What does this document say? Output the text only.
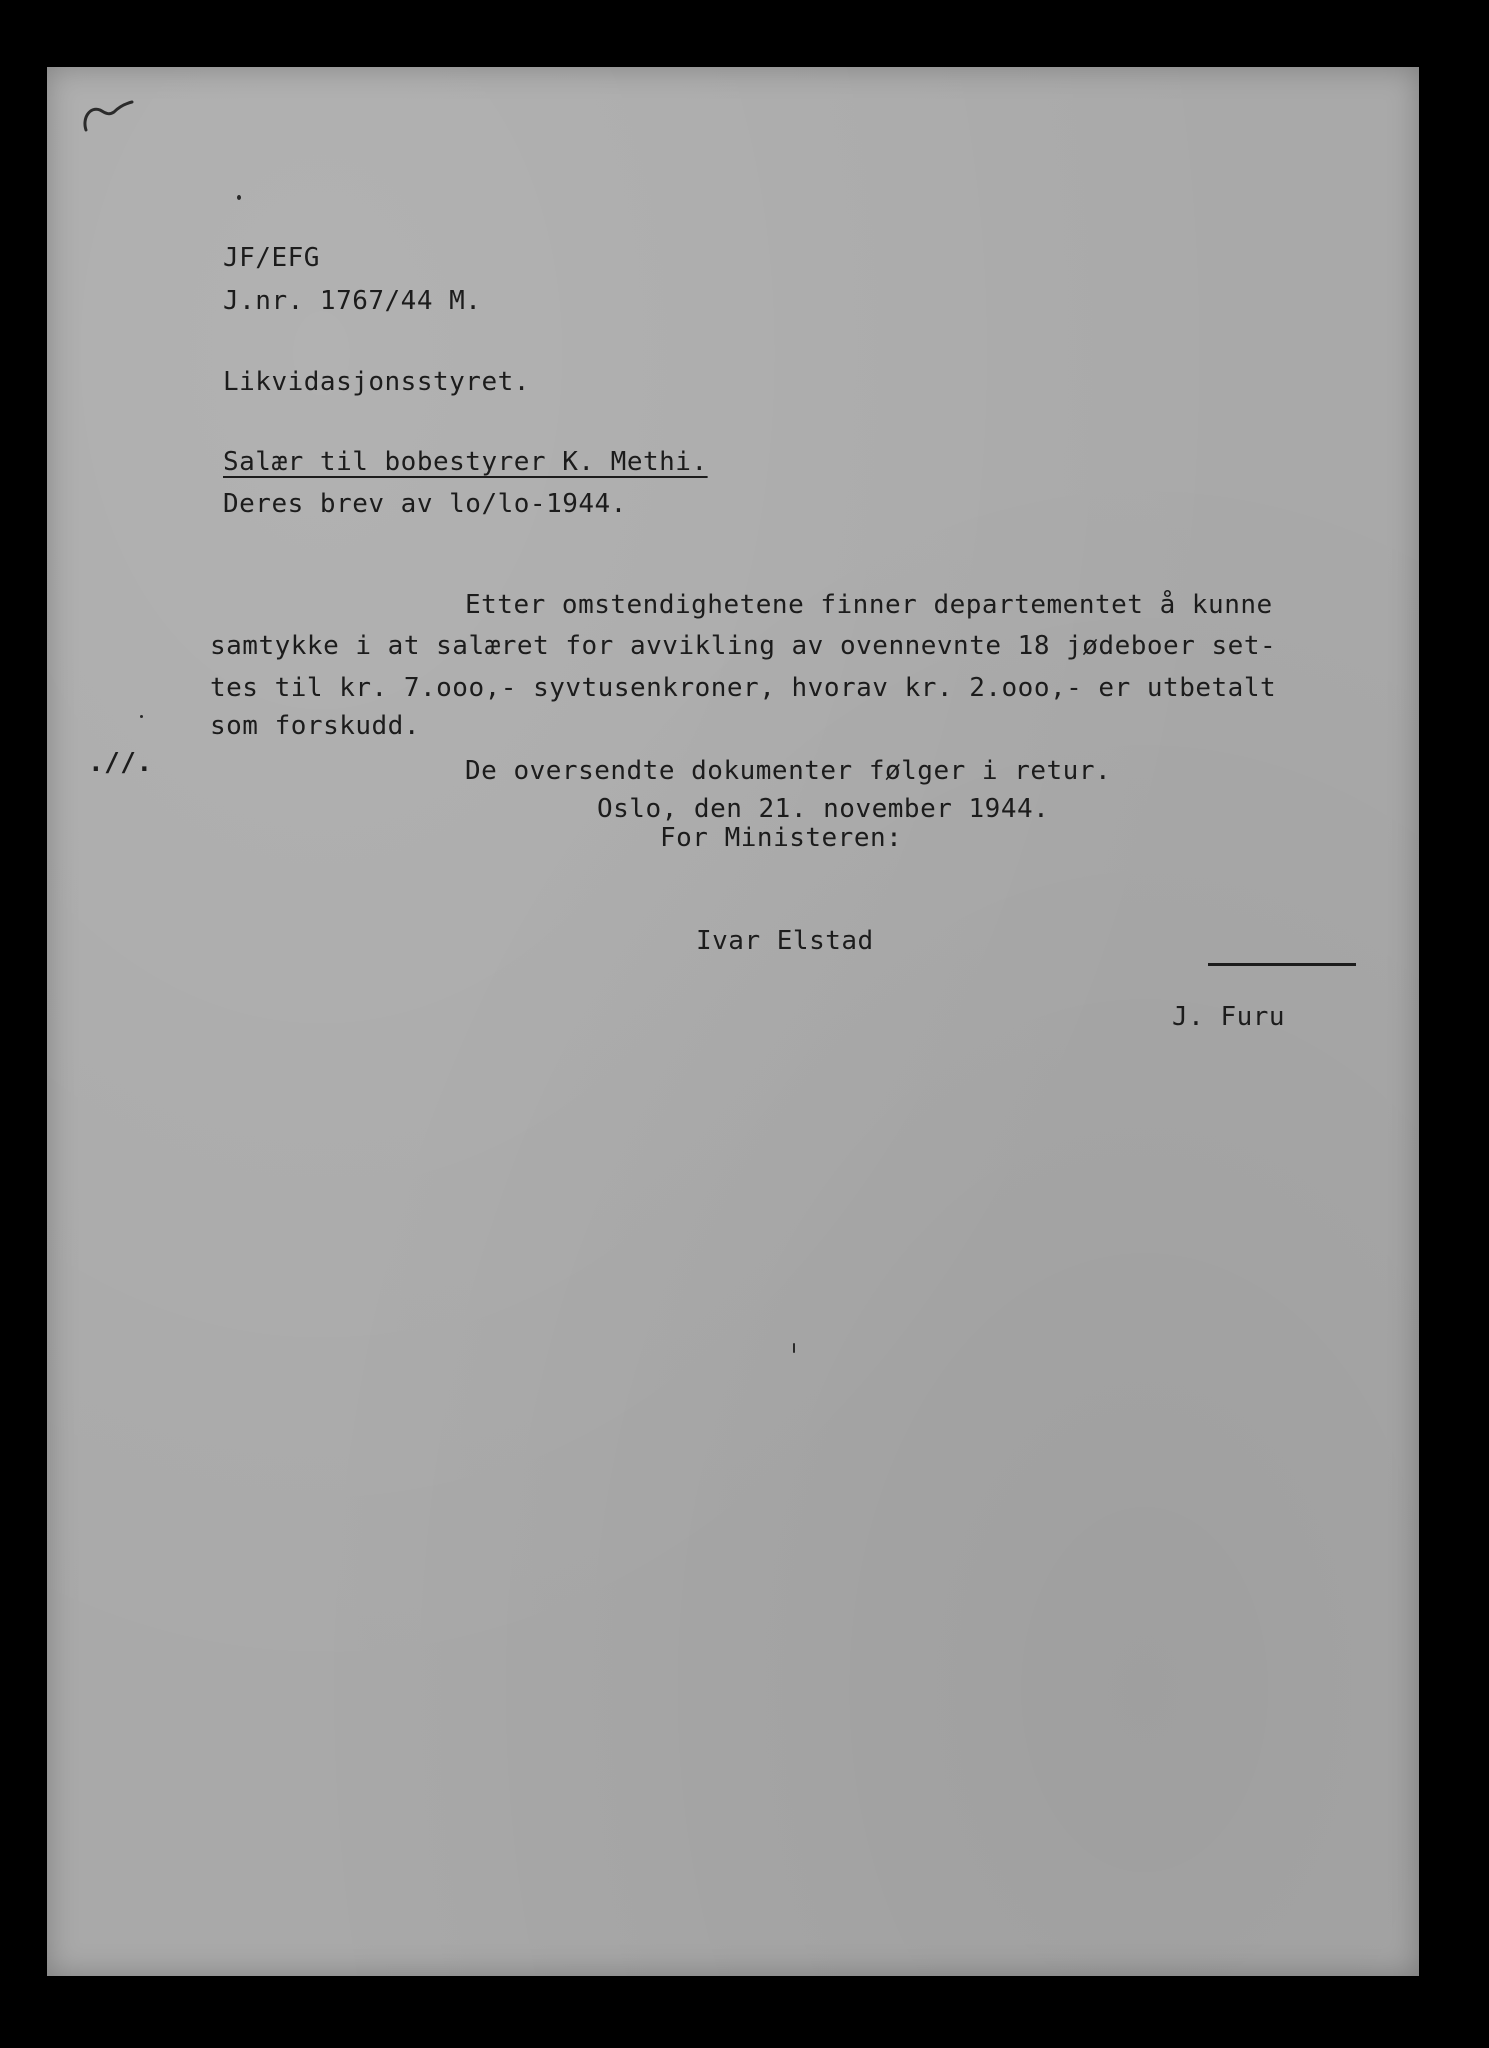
JF/EFG

J.nr. 1767/44 M.

Likvidasjonsstyret.

Salær til bobestyrer K. Methi.

Deres brev av lo/lo-1944.

Etter omstendighetene finner departementet å kunne

samtykke i at salæret for avvikling av ovennevnte 18 jødeboer set-

tes til kr. 7.ooo,- syvtusenkroner, hvorav kr. 2.ooo,- er utbetalt

som forskudd.

.//.	De oversendte dokumenter følger i retur.

Oslo, den 21. november 1944.

For Ministeren:

Ivar Elstad

J. Furu
